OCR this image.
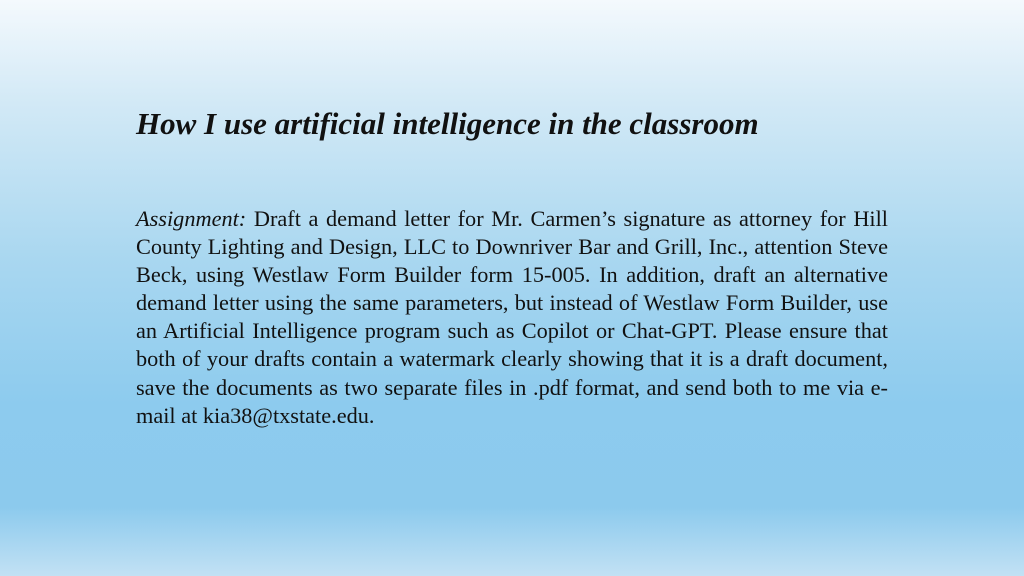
How I use artificial intelligence in the classroom

Assignment: Draft a demand letter for Mr. Carmen’s signature as attorney for Hill County Lighting and Design, LLC to Downriver Bar and Grill, Inc., attention Steve Beck, using Westlaw Form Builder form 15-005. In addition, draft an alternative demand letter using the same parameters, but instead of Westlaw Form Builder, use an Artificial Intelligence program such as Copilot or Chat-GPT. Please ensure that both of your drafts contain a watermark clearly showing that it is a draft document, save the documents as two separate files in .pdf format, and send both to me via e-mail at kia38@txstate.edu.
